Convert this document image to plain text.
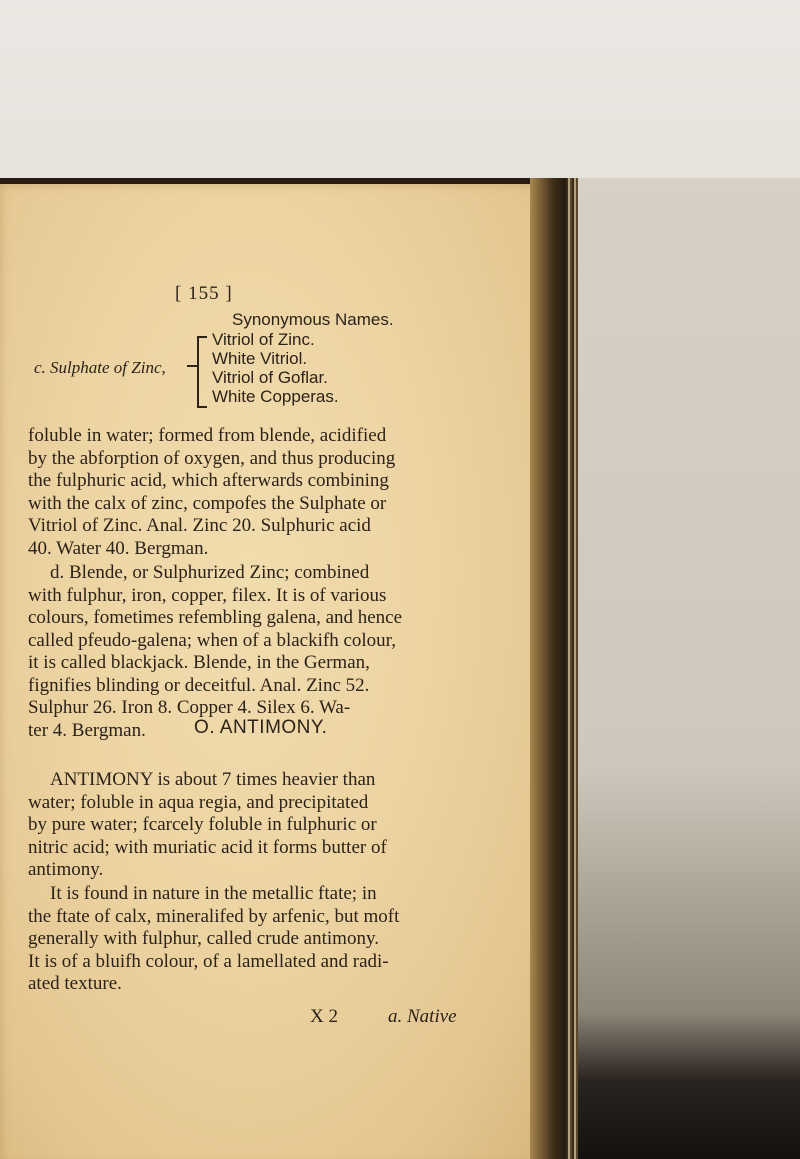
[ 155 ]
Synonymous Names.
c. Sulphate of Zinc,
Vitriol of Zinc.
White Vitriol.
Vitriol of Goflar.
White Copperas.
foluble in water; formed from blende, acidified
by the abforption of oxygen, and thus producing
the fulphuric acid, which afterwards combining
with the calx of zinc, compofes the Sulphate or
Vitriol of Zinc. Anal. Zinc 20. Sulphuric acid
40. Water 40. Bergman.
d. Blende, or Sulphurized Zinc; combined
with fulphur, iron, copper, filex. It is of various
colours, fometimes refembling galena, and hence
called pfeudo-galena; when of a blackifh colour,
it is called blackjack. Blende, in the German,
fignifies blinding or deceitful. Anal. Zinc 52.
Sulphur 26. Iron 8. Copper 4. Silex 6. Wa-
ter 4. Bergman.	O. ANTIMONY.
ANTIMONY is about 7 times heavier than
water; foluble in aqua regia, and precipitated
by pure water; fcarcely foluble in fulphuric or
nitric acid; with muriatic acid it forms butter of
antimony.
It is found in nature in the metallic ftate; in
the ftate of calx, mineralifed by arfenic, but moft
generally with fulphur, called crude antimony.
It is of a bluifh colour, of a lamellated and radi-
ated texture.
X 2	a. Native
